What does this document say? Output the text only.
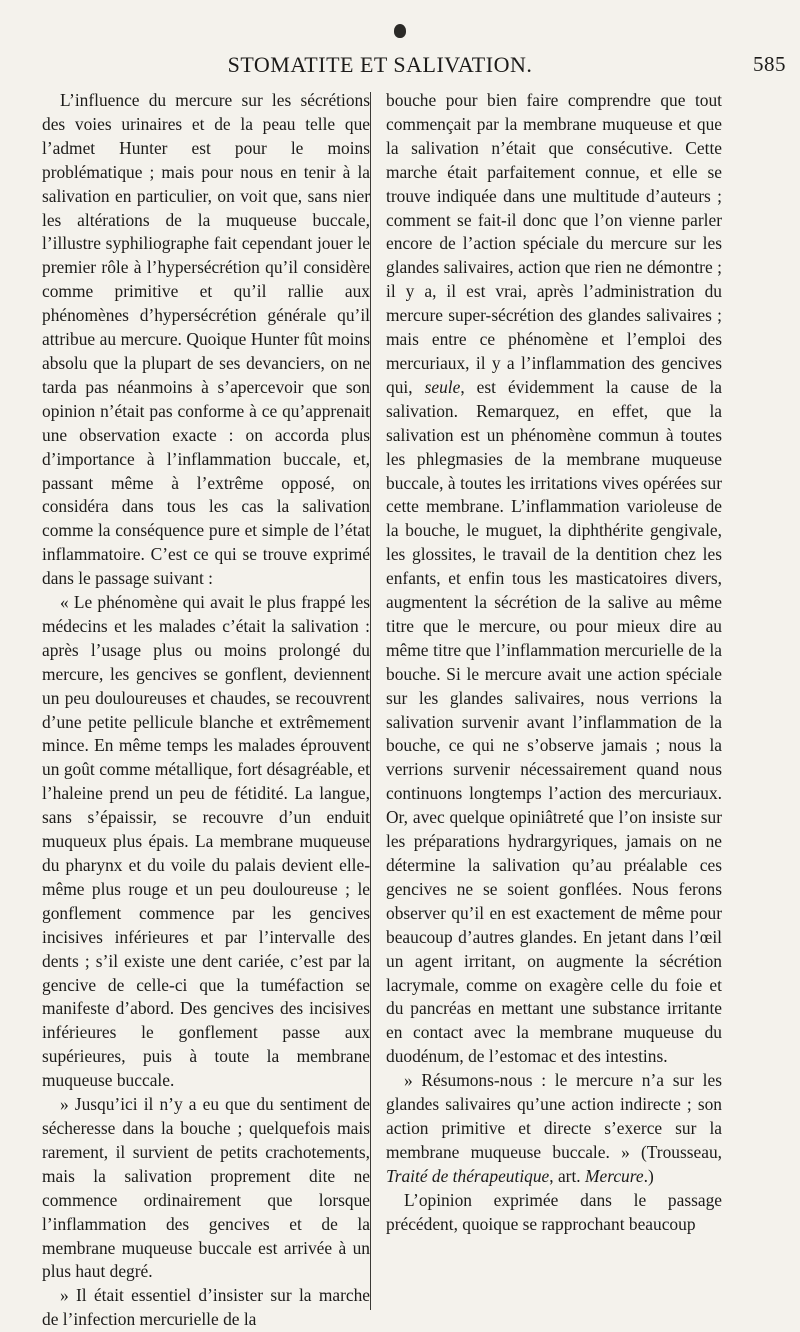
STOMATITE ET SALIVATION.	585

L’influence du mercure sur les sécrétions des voies urinaires et de la peau telle que l’admet Hunter est pour le moins problématique ; mais pour nous en tenir à la salivation en particulier, on voit que, sans nier les altérations de la muqueuse buccale, l’illustre syphiliographe fait cependant jouer le premier rôle à l’hypersécrétion qu’il considère comme primitive et qu’il rallie aux phénomènes d’hypersécrétion générale qu’il attribue au mercure. Quoique Hunter fût moins absolu que la plupart de ses devanciers, on ne tarda pas néanmoins à s’apercevoir que son opinion n’était pas conforme à ce qu’apprenait une observation exacte : on accorda plus d’importance à l’inflammation buccale, et, passant même à l’extrême opposé, on considéra dans tous les cas la salivation comme la conséquence pure et simple de l’état inflammatoire. C’est ce qui se trouve exprimé dans le passage suivant :

« Le phénomène qui avait le plus frappé les médecins et les malades c’était la salivation : après l’usage plus ou moins prolongé du mercure, les gencives se gonflent, deviennent un peu douloureuses et chaudes, se recouvrent d’une petite pellicule blanche et extrêmement mince. En même temps les malades éprouvent un goût comme métallique, fort désagréable, et l’haleine prend un peu de fétidité. La langue, sans s’épaissir, se recouvre d’un enduit muqueux plus épais. La membrane muqueuse du pharynx et du voile du palais devient elle-même plus rouge et un peu douloureuse ; le gonflement commence par les gencives incisives inférieures et par l’intervalle des dents ; s’il existe une dent cariée, c’est par la gencive de celle-ci que la tuméfaction se manifeste d’abord. Des gencives des incisives inférieures le gonflement passe aux supérieures, puis à toute la membrane muqueuse buccale.

» Jusqu’ici il n’y a eu que du sentiment de sécheresse dans la bouche ; quelquefois mais rarement, il survient de petits crachotements, mais la salivation proprement dite ne commence ordinairement que lorsque l’inflammation des gencives et de la membrane muqueuse buccale est arrivée à un plus haut degré.

» Il était essentiel d’insister sur la marche de l’infection mercurielle de la

bouche pour bien faire comprendre que tout commençait par la membrane muqueuse et que la salivation n’était que consécutive. Cette marche était parfaitement connue, et elle se trouve indiquée dans une multitude d’auteurs ; comment se fait-il donc que l’on vienne parler encore de l’action spéciale du mercure sur les glandes salivaires, action que rien ne démontre ; il y a, il est vrai, après l’administration du mercure super-sécrétion des glandes salivaires ; mais entre ce phénomène et l’emploi des mercuriaux, il y a l’inflammation des gencives qui, seule, est évidemment la cause de la salivation. Remarquez, en effet, que la salivation est un phénomène commun à toutes les phlegmasies de la membrane muqueuse buccale, à toutes les irritations vives opérées sur cette membrane. L’inflammation varioleuse de la bouche, le muguet, la diphthérite gengivale, les glossites, le travail de la dentition chez les enfants, et enfin tous les masticatoires divers, augmentent la sécrétion de la salive au même titre que le mercure, ou pour mieux dire au même titre que l’inflammation mercurielle de la bouche. Si le mercure avait une action spéciale sur les glandes salivaires, nous verrions la salivation survenir avant l’inflammation de la bouche, ce qui ne s’observe jamais ; nous la verrions survenir nécessairement quand nous continuons longtemps l’action des mercuriaux. Or, avec quelque opiniâtreté que l’on insiste sur les préparations hydrargyriques, jamais on ne détermine la salivation qu’au préalable ces gencives ne se soient gonflées. Nous ferons observer qu’il en est exactement de même pour beaucoup d’autres glandes. En jetant dans l’œil un agent irritant, on augmente la sécrétion lacrymale, comme on exagère celle du foie et du pancréas en mettant une substance irritante en contact avec la membrane muqueuse du duodénum, de l’estomac et des intestins.

» Résumons-nous : le mercure n’a sur les glandes salivaires qu’une action indirecte ; son action primitive et directe s’exerce sur la membrane muqueuse buccale. » (Trousseau, Traité de thérapeutique, art. Mercure.)

L’opinion exprimée dans le passage précédent, quoique se rapprochant beaucoup
